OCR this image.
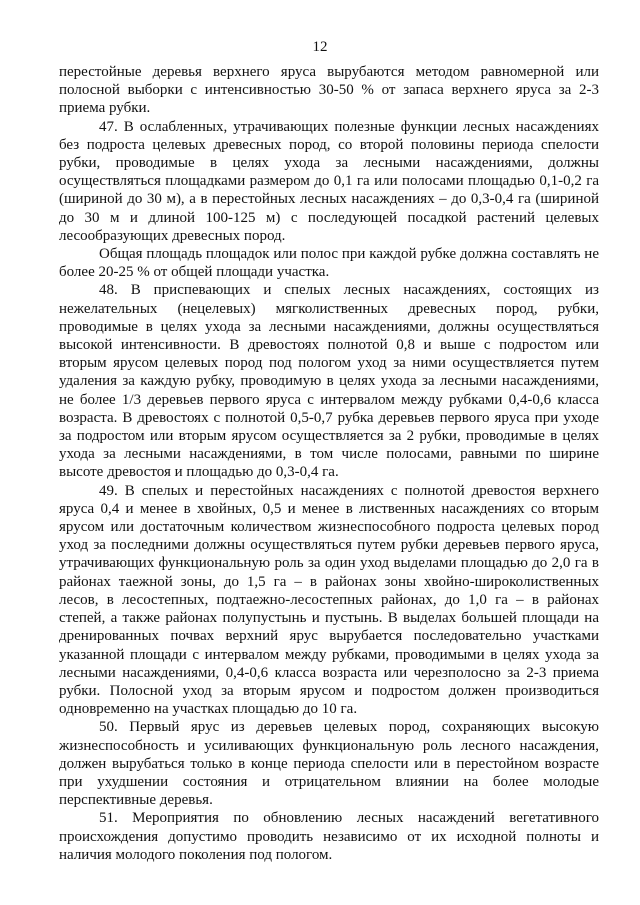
12

перестойные деревья верхнего яруса вырубаются методом равномерной или полосной выборки с интенсивностью 30-50 % от запаса верхнего яруса за 2-3 приема рубки.

47. В ослабленных, утрачивающих полезные функции лесных насаждениях без подроста целевых древесных пород, со второй половины периода спелости рубки, проводимые в целях ухода за лесными насаждениями, должны осуществляться площадками размером до 0,1 га или полосами площадью 0,1-0,2 га (шириной до 30 м), а в перестойных лесных насаждениях – до 0,3-0,4 га (шириной до 30 м и длиной 100-125 м) с последующей посадкой растений целевых лесообразующих древесных пород.

Общая площадь площадок или полос при каждой рубке должна составлять не более 20-25 % от общей площади участка.

48. В приспевающих и спелых лесных насаждениях, состоящих из нежелательных (нецелевых) мягколиственных древесных пород, рубки, проводимые в целях ухода за лесными насаждениями, должны осуществляться высокой интенсивности. В древостоях полнотой 0,8 и выше с подростом или вторым ярусом целевых пород под пологом уход за ними осуществляется путем удаления за каждую рубку, проводимую в целях ухода за лесными насаждениями, не более 1/3 деревьев первого яруса с интервалом между рубками 0,4-0,6 класса возраста. В древостоях с полнотой 0,5-0,7 рубка деревьев первого яруса при уходе за подростом или вторым ярусом осуществляется за 2 рубки, проводимые в целях ухода за лесными насаждениями, в том числе полосами, равными по ширине высоте древостоя и площадью до 0,3-0,4 га.

49. В спелых и перестойных насаждениях с полнотой древостоя верхнего яруса 0,4 и менее в хвойных, 0,5 и менее в лиственных насаждениях со вторым ярусом или достаточным количеством жизнеспособного подроста целевых пород уход за последними должны осуществляться путем рубки деревьев первого яруса, утрачивающих функциональную роль за один уход выделами площадью до 2,0 га в районах таежной зоны, до 1,5 га – в районах зоны хвойно-широколиственных лесов, в лесостепных, подтаежно-лесостепных районах, до 1,0 га – в районах степей, а также районах полупустынь и пустынь. В выделах большей площади на дренированных почвах верхний ярус вырубается последовательно участками указанной площади с интервалом между рубками, проводимыми в целях ухода за лесными насаждениями, 0,4-0,6 класса возраста или черезполосно за 2-3 приема рубки. Полосной уход за вторым ярусом и подростом должен производиться одновременно на участках площадью до 10 га.

50. Первый ярус из деревьев целевых пород, сохраняющих высокую жизнеспособность и усиливающих функциональную роль лесного насаждения, должен вырубаться только в конце периода спелости или в перестойном возрасте при ухудшении состояния и отрицательном влиянии на более молодые перспективные деревья.

51. Мероприятия по обновлению лесных насаждений вегетативного происхождения допустимо проводить независимо от их исходной полноты и наличия молодого поколения под пологом.
